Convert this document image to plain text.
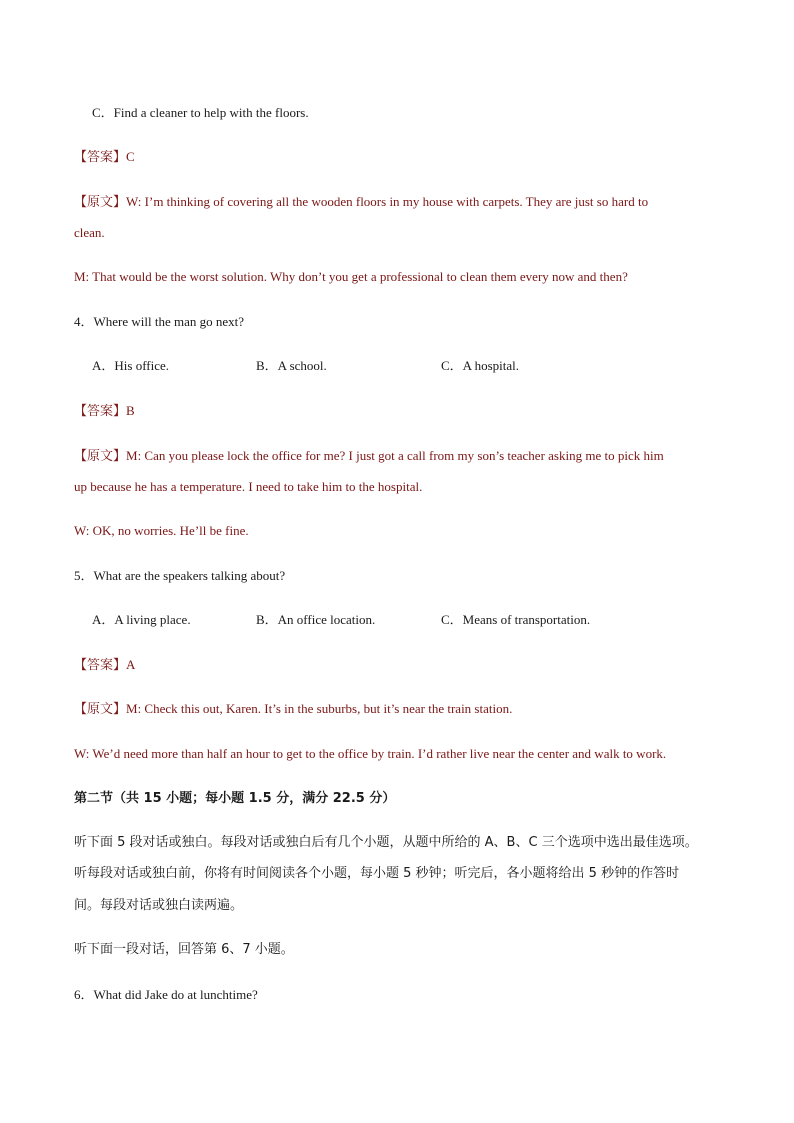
C．Find a cleaner to help with the floors.
【答案】C
【原文】W: I’m thinking of covering all the wooden floors in my house with carpets. They are just so hard to
clean.
M: That would be the worst solution. Why don’t you get a professional to clean them every now and then?
4．Where will the man go next?
A．His office.	B．A school.	C．A hospital.
【答案】B
【原文】M: Can you please lock the office for me? I just got a call from my son’s teacher asking me to pick him
up because he has a temperature. I need to take him to the hospital.
W: OK, no worries. He’ll be fine.
5．What are the speakers talking about?
A．A living place.	B．An office location.	C．Means of transportation.
【答案】A
【原文】M: Check this out, Karen. It’s in the suburbs, but it’s near the train station.
W: We’d need more than half an hour to get to the office by train. I’d rather live near the center and walk to work.
第二节（共 15 小题；每小题 1.5 分，满分 22.5 分）
听下面 5 段对话或独白。每段对话或独白后有几个小题，从题中所给的 A、B、C 三个选项中选出最佳选项。
听每段对话或独白前，你将有时间阅读各个小题，每小题 5 秒钟；听完后，各小题将给出 5 秒钟的作答时
间。每段对话或独白读两遍。
听下面一段对话，回答第 6、7 小题。
6．What did Jake do at lunchtime?
